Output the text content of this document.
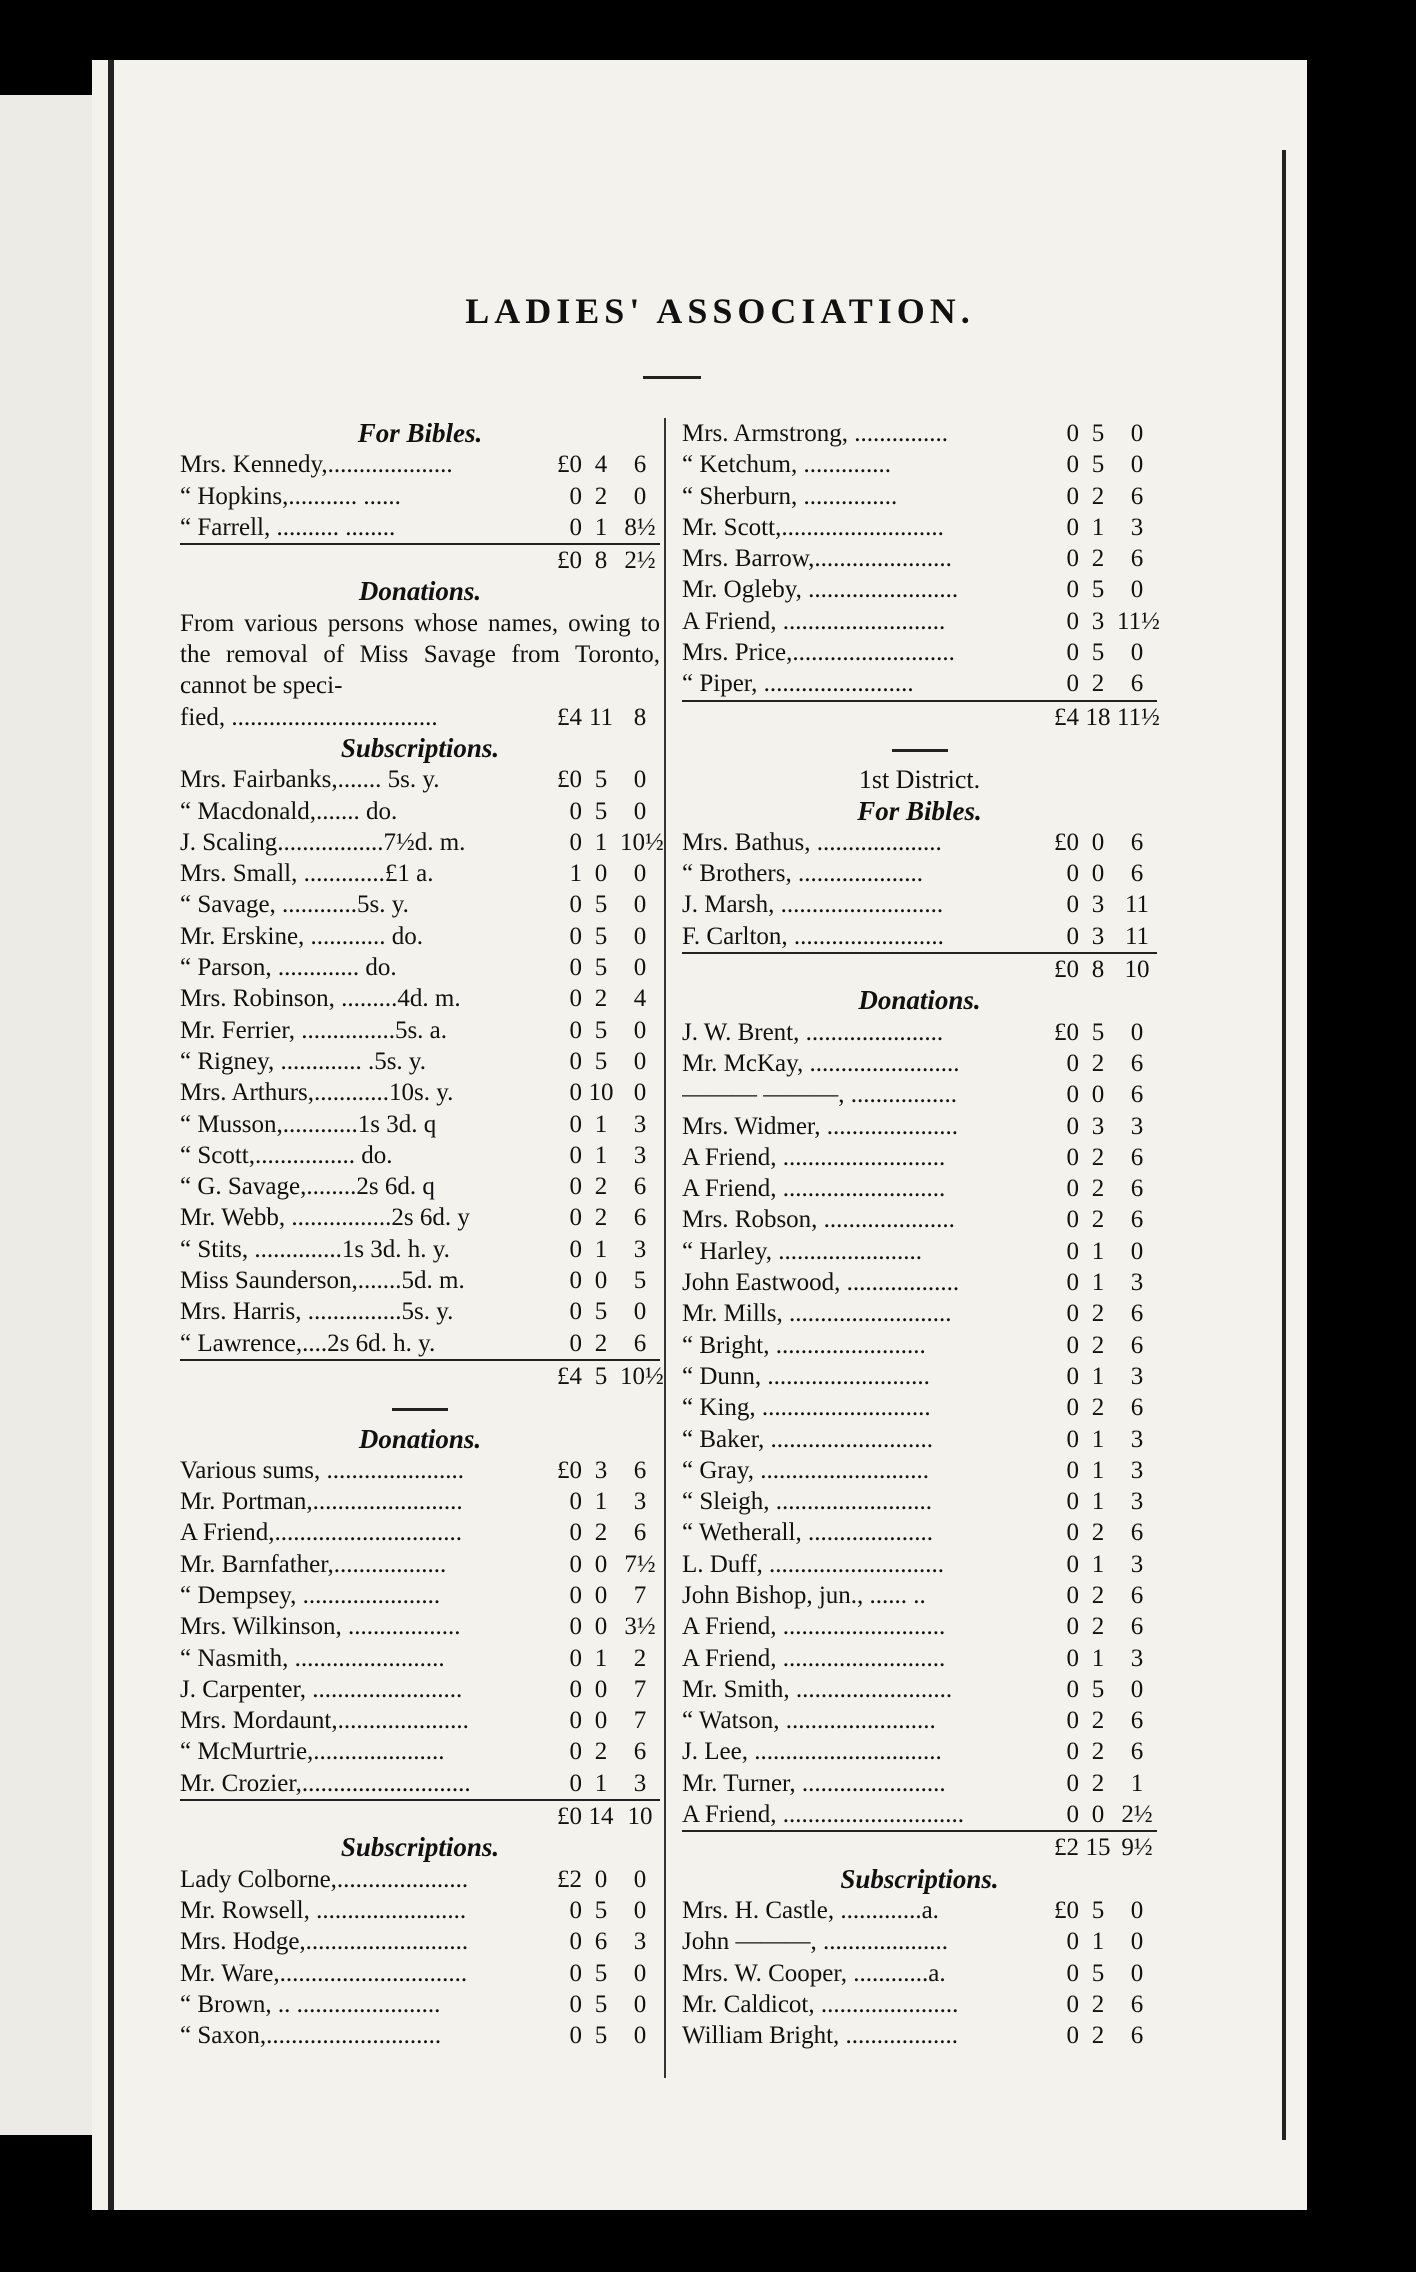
LADIES' ASSOCIATION.
For Bibles.
Mrs. Kennedy,....................	£0 4	6
“ Hopkins,........... ......	0 2	0
“ Farrell, .......... ........	0 1 8½
£0 8 2½
Donations.
From various persons whose names, owing to the removal of Miss Savage from Toronto, cannot be speci-
fied, .................................	£4 11 8
Subscriptions.
Mrs. Fairbanks,....... 5s. y.	£0 5	0
“ Macdonald,....... do.	0 5	0
J. Scaling.................7½d. m.	0 1 10½
Mrs. Small, .............£1 a.	1 0	0
“ Savage, ............5s. y.	0 5	0
Mr. Erskine, ............ do.	0 5	0
“ Parson, ............. do.	0 5	0
Mrs. Robinson, .........4d. m.	0 2	4
Mr. Ferrier, ...............5s. a.	0 5	0
“ Rigney, ............. .5s. y.	0 5	0
Mrs. Arthurs,............10s. y.	0 10 0
“ Musson,............1s 3d. q	0 1	3
“ Scott,................ do.	0 1	3
“ G. Savage,........2s 6d. q	0 2	6
Mr. Webb, ................2s 6d. y	0 2	6
“ Stits, ..............1s 3d. h. y.	0 1	3
Miss Saunderson,.......5d. m.	0 0	5
Mrs. Harris, ...............5s. y.	0 5	0
“ Lawrence,....2s 6d. h. y.	0 2	6
£4 5 10½
Donations.
Various sums, ......................	£0 3	6
Mr. Portman,........................	0 1	3
A Friend,..............................	0 2	6
Mr. Barnfather,..................	0 0 7½
“ Dempsey, ......................	0 0	7
Mrs. Wilkinson, ..................	0 0 3½
“ Nasmith, ........................	0 1	2
J. Carpenter, ........................	0 0	7
Mrs. Mordaunt,.....................	0 0	7
“ McMurtrie,.....................	0 2	6
Mr. Crozier,...........................	0 1	3
£0 14 10
Subscriptions.
Lady Colborne,.....................	£2 0	0
Mr. Rowsell, ........................	0 5	0
Mrs. Hodge,..........................	0 6	3
Mr. Ware,..............................	0 5	0
“ Brown, .. .......................	0 5	0
“ Saxon,............................	0 5	0
Mrs. Armstrong, ...............	0 5	0
“ Ketchum, ..............	0 5	0
“ Sherburn, ...............	0 2	6
Mr. Scott,..........................	0 1	3
Mrs. Barrow,......................	0 2	6
Mr. Ogleby, ........................	0 5	0
A Friend, ..........................	0 3 11½
Mrs. Price,..........................	0 5	0
“ Piper, ........................	0 2	6
£4 18 11½
1st District.
For Bibles.
Mrs. Bathus, ....................	£0 0	6
“ Brothers, ....................	0 0	6
J. Marsh, ..........................	0 3 11
F. Carlton, ........................	0 3 11
£0 8 10
Donations.
J. W. Brent, ......................	£0 5	0
Mr. McKay, ........................	0 2	6
——— ———, .................	0 0	6
Mrs. Widmer, .....................	0 3	3
A Friend, ..........................	0 2	6
A Friend, ..........................	0 2	6
Mrs. Robson, .....................	0 2	6
“ Harley, .......................	0 1	0
John Eastwood, ..................	0 1	3
Mr. Mills, ..........................	0 2	6
“ Bright, ........................	0 2	6
“ Dunn, ..........................	0 1	3
“ King, ...........................	0 2	6
“ Baker, ..........................	0 1	3
“ Gray, ...........................	0 1	3
“ Sleigh, .........................	0 1	3
“ Wetherall, ....................	0 2	6
L. Duff, ............................	0 1	3
John Bishop, jun., ...... ..	0 2	6
A Friend, ..........................	0 2	6
A Friend, ..........................	0 1	3
Mr. Smith, .........................	0 5	0
“ Watson, ........................	0 2	6
J. Lee, ..............................	0 2	6
Mr. Turner, .......................	0 2	1
A Friend, .............................	0 0 2½
£2 15 9½
Subscriptions.
Mrs. H. Castle, .............a.	£0 5	0
John ———, ....................	0 1	0
Mrs. W. Cooper, ............a.	0 5	0
Mr. Caldicot, ......................	0 2	6
William Bright, ..................	0 2	6
